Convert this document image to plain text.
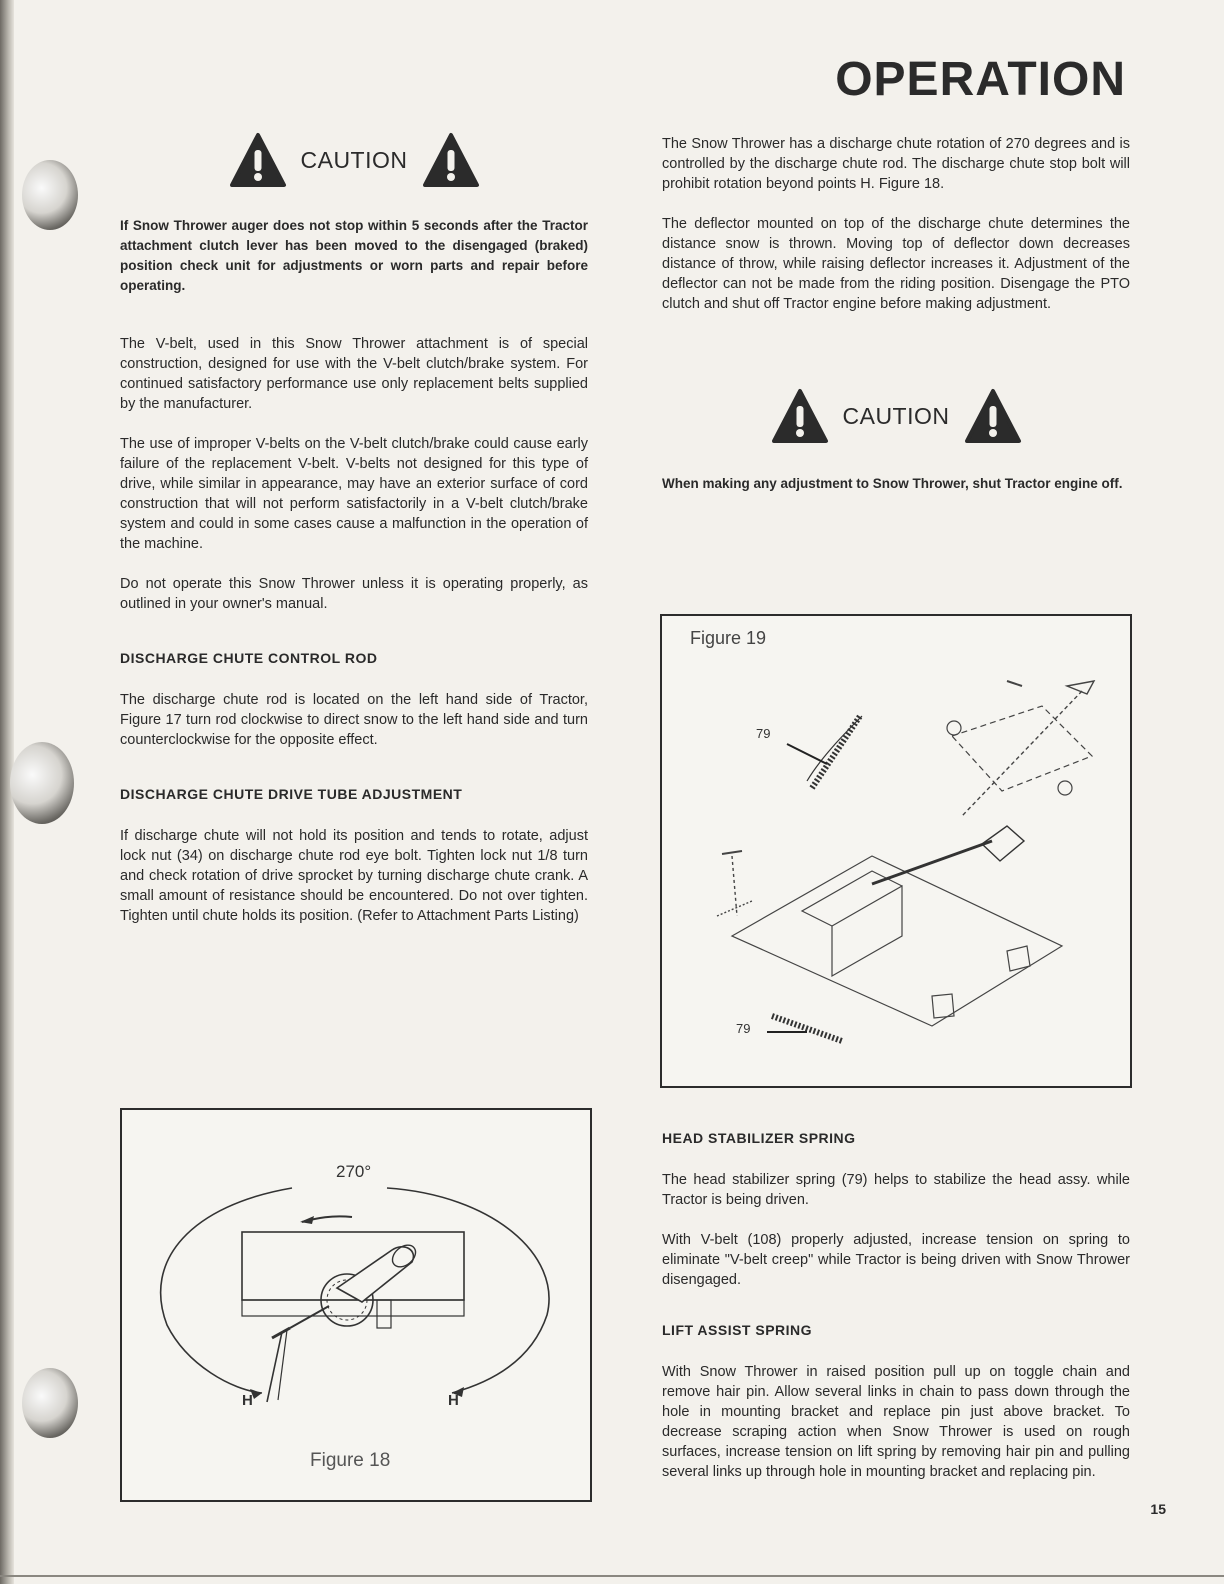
OPERATION
CAUTION

If Snow Thrower auger does not stop within 5 seconds after the Tractor attachment clutch lever has been moved to the disengaged (braked) position check unit for adjustments or worn parts and repair before operating.

The V-belt, used in this Snow Thrower attachment is of special construction, designed for use with the V-belt clutch/brake system. For continued satisfactory performance use only replacement belts supplied by the manufacturer.

The use of improper V-belts on the V-belt clutch/brake could cause early failure of the replacement V-belt. V-belts not designed for this type of drive, while similar in appearance, may have an exterior surface of cord construction that will not perform satisfactorily in a V-belt clutch/brake system and could in some cases cause a malfunction in the operation of the machine.

Do not operate this Snow Thrower unless it is operating properly, as outlined in your owner's manual.

DISCHARGE CHUTE CONTROL ROD

The discharge chute rod is located on the left hand side of Tractor, Figure 17 turn rod clockwise to direct snow to the left hand side and turn counterclockwise for the opposite effect.

DISCHARGE CHUTE DRIVE TUBE ADJUSTMENT

If discharge chute will not hold its position and tends to rotate, adjust lock nut (34) on discharge chute rod eye bolt. Tighten lock nut 1/8 turn and check rotation of drive sprocket by turning discharge chute crank. A small amount of resistance should be encountered. Do not over tighten. Tighten until chute holds its position. (Refer to Attachment Parts Listing)

270°
H	H
Figure 18

The Snow Thrower has a discharge chute rotation of 270 degrees and is controlled by the discharge chute rod. The discharge chute stop bolt will prohibit rotation beyond points H. Figure 18.

The deflector mounted on top of the discharge chute determines the distance snow is thrown. Moving top of deflector down decreases distance of throw, while raising deflector increases it. Adjustment of the deflector can not be made from the riding position. Disengage the PTO clutch and shut off Tractor engine before making adjustment.

CAUTION

When making any adjustment to Snow Thrower, shut Tractor engine off.

Figure 19
79
79
HEAD STABILIZER SPRING

The head stabilizer spring (79) helps to stabilize the head assy. while Tractor is being driven.

With V-belt (108) properly adjusted, increase tension on spring to eliminate "V-belt creep" while Tractor is being driven with Snow Thrower disengaged.

LIFT ASSIST SPRING

With Snow Thrower in raised position pull up on toggle chain and remove hair pin. Allow several links in chain to pass down through the hole in mounting bracket and replace pin just above bracket. To decrease scraping action when Snow Thrower is used on rough surfaces, increase tension on lift spring by removing hair pin and pulling several links up through hole in mounting bracket and replacing pin.

15
